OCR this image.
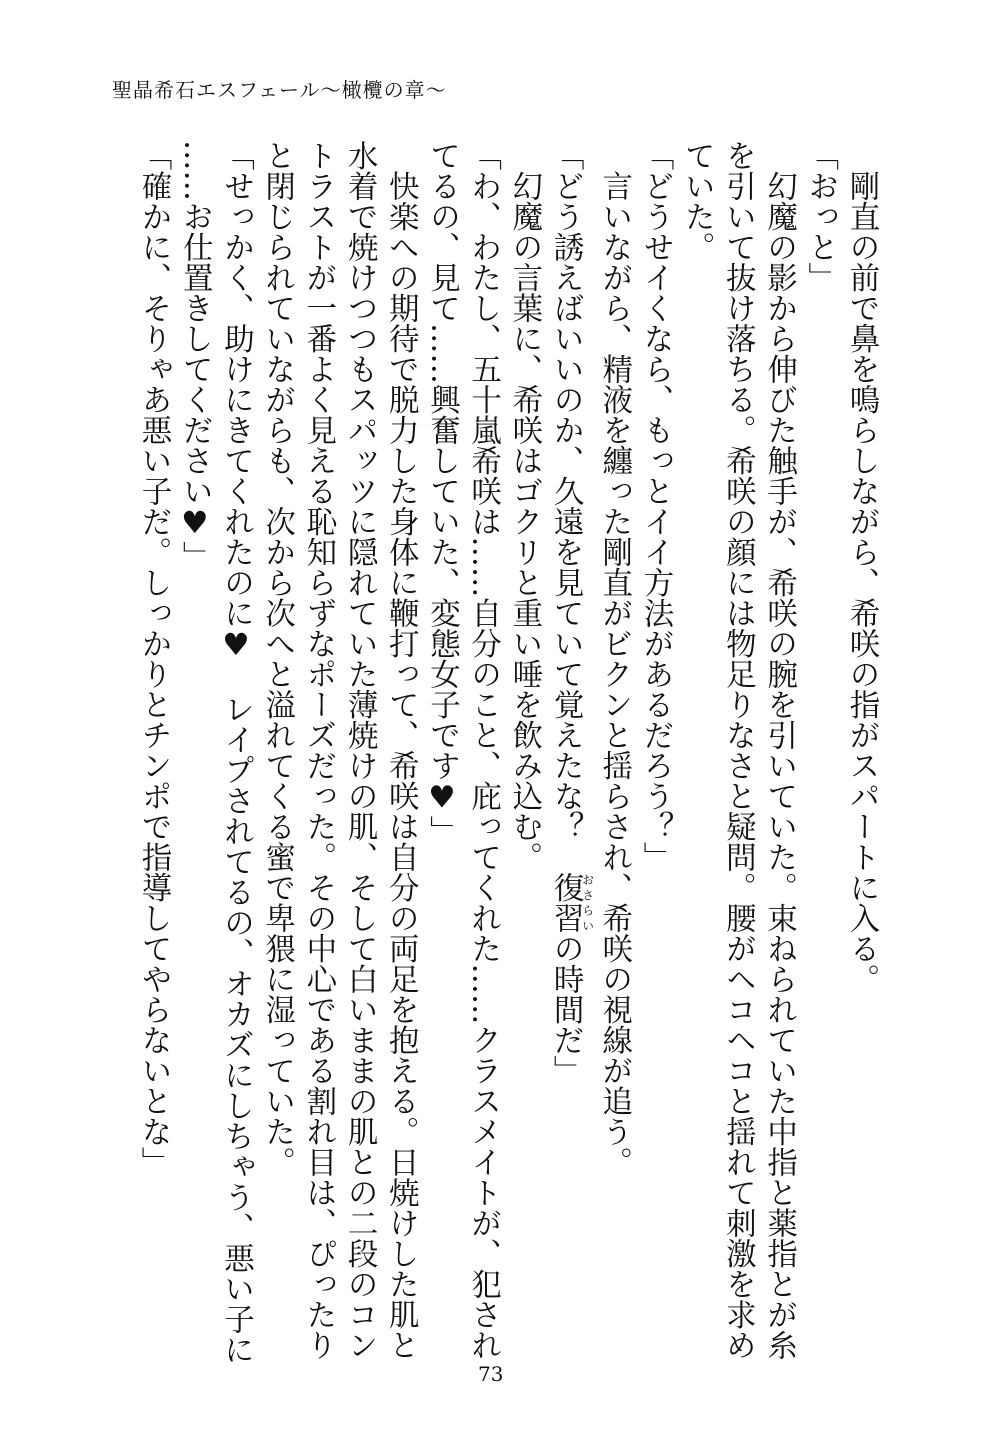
聖晶希石エスフェール～橄欖の章～
　剛直の前で鼻を鳴らしながら、希咲の指がスパートに入る。
「おっと」
　幻魔の影から伸びた触手が、希咲の腕を引いていた。束ねられていた中指と薬指とが糸
を引いて抜け落ちる。希咲の顔には物足りなさと疑問。腰がヘコヘコと揺れて刺激を求め
ていた。
「どうせイくなら、もっとイイ方法があるだろう？」
　言いながら、精液を纏った剛直がビクンと揺らされ、希咲の視線が追う。
「どう誘えばいいのか、久遠を見ていて覚えたな？　復習おさらいの時間だ」
　幻魔の言葉に、希咲はゴクリと重い唾を飲み込む。
「わ、わたし、五十嵐希咲は……自分のこと、庇ってくれた……クラスメイトが、犯され
てるの、見て……興奮していた、変態女子です♥」
　快楽への期待で脱力した身体に鞭打って、希咲は自分の両足を抱える。日焼けした肌と
水着で焼けつつもスパッツに隠れていた薄焼けの肌、そして白いままの肌との二段のコン
トラストが一番よく見える恥知らずなポーズだった。その中心である割れ目は、ぴったり
と閉じられていながらも、次から次へと溢れてくる蜜で卑猥に湿っていた。
「せっかく、助けにきてくれたのに♥　レイプされてるの、オカズにしちゃう、悪い子に
……お仕置きしてください♥」
「確かに、そりゃあ悪い子だ。しっかりとチンポで指導してやらないとな」
73
